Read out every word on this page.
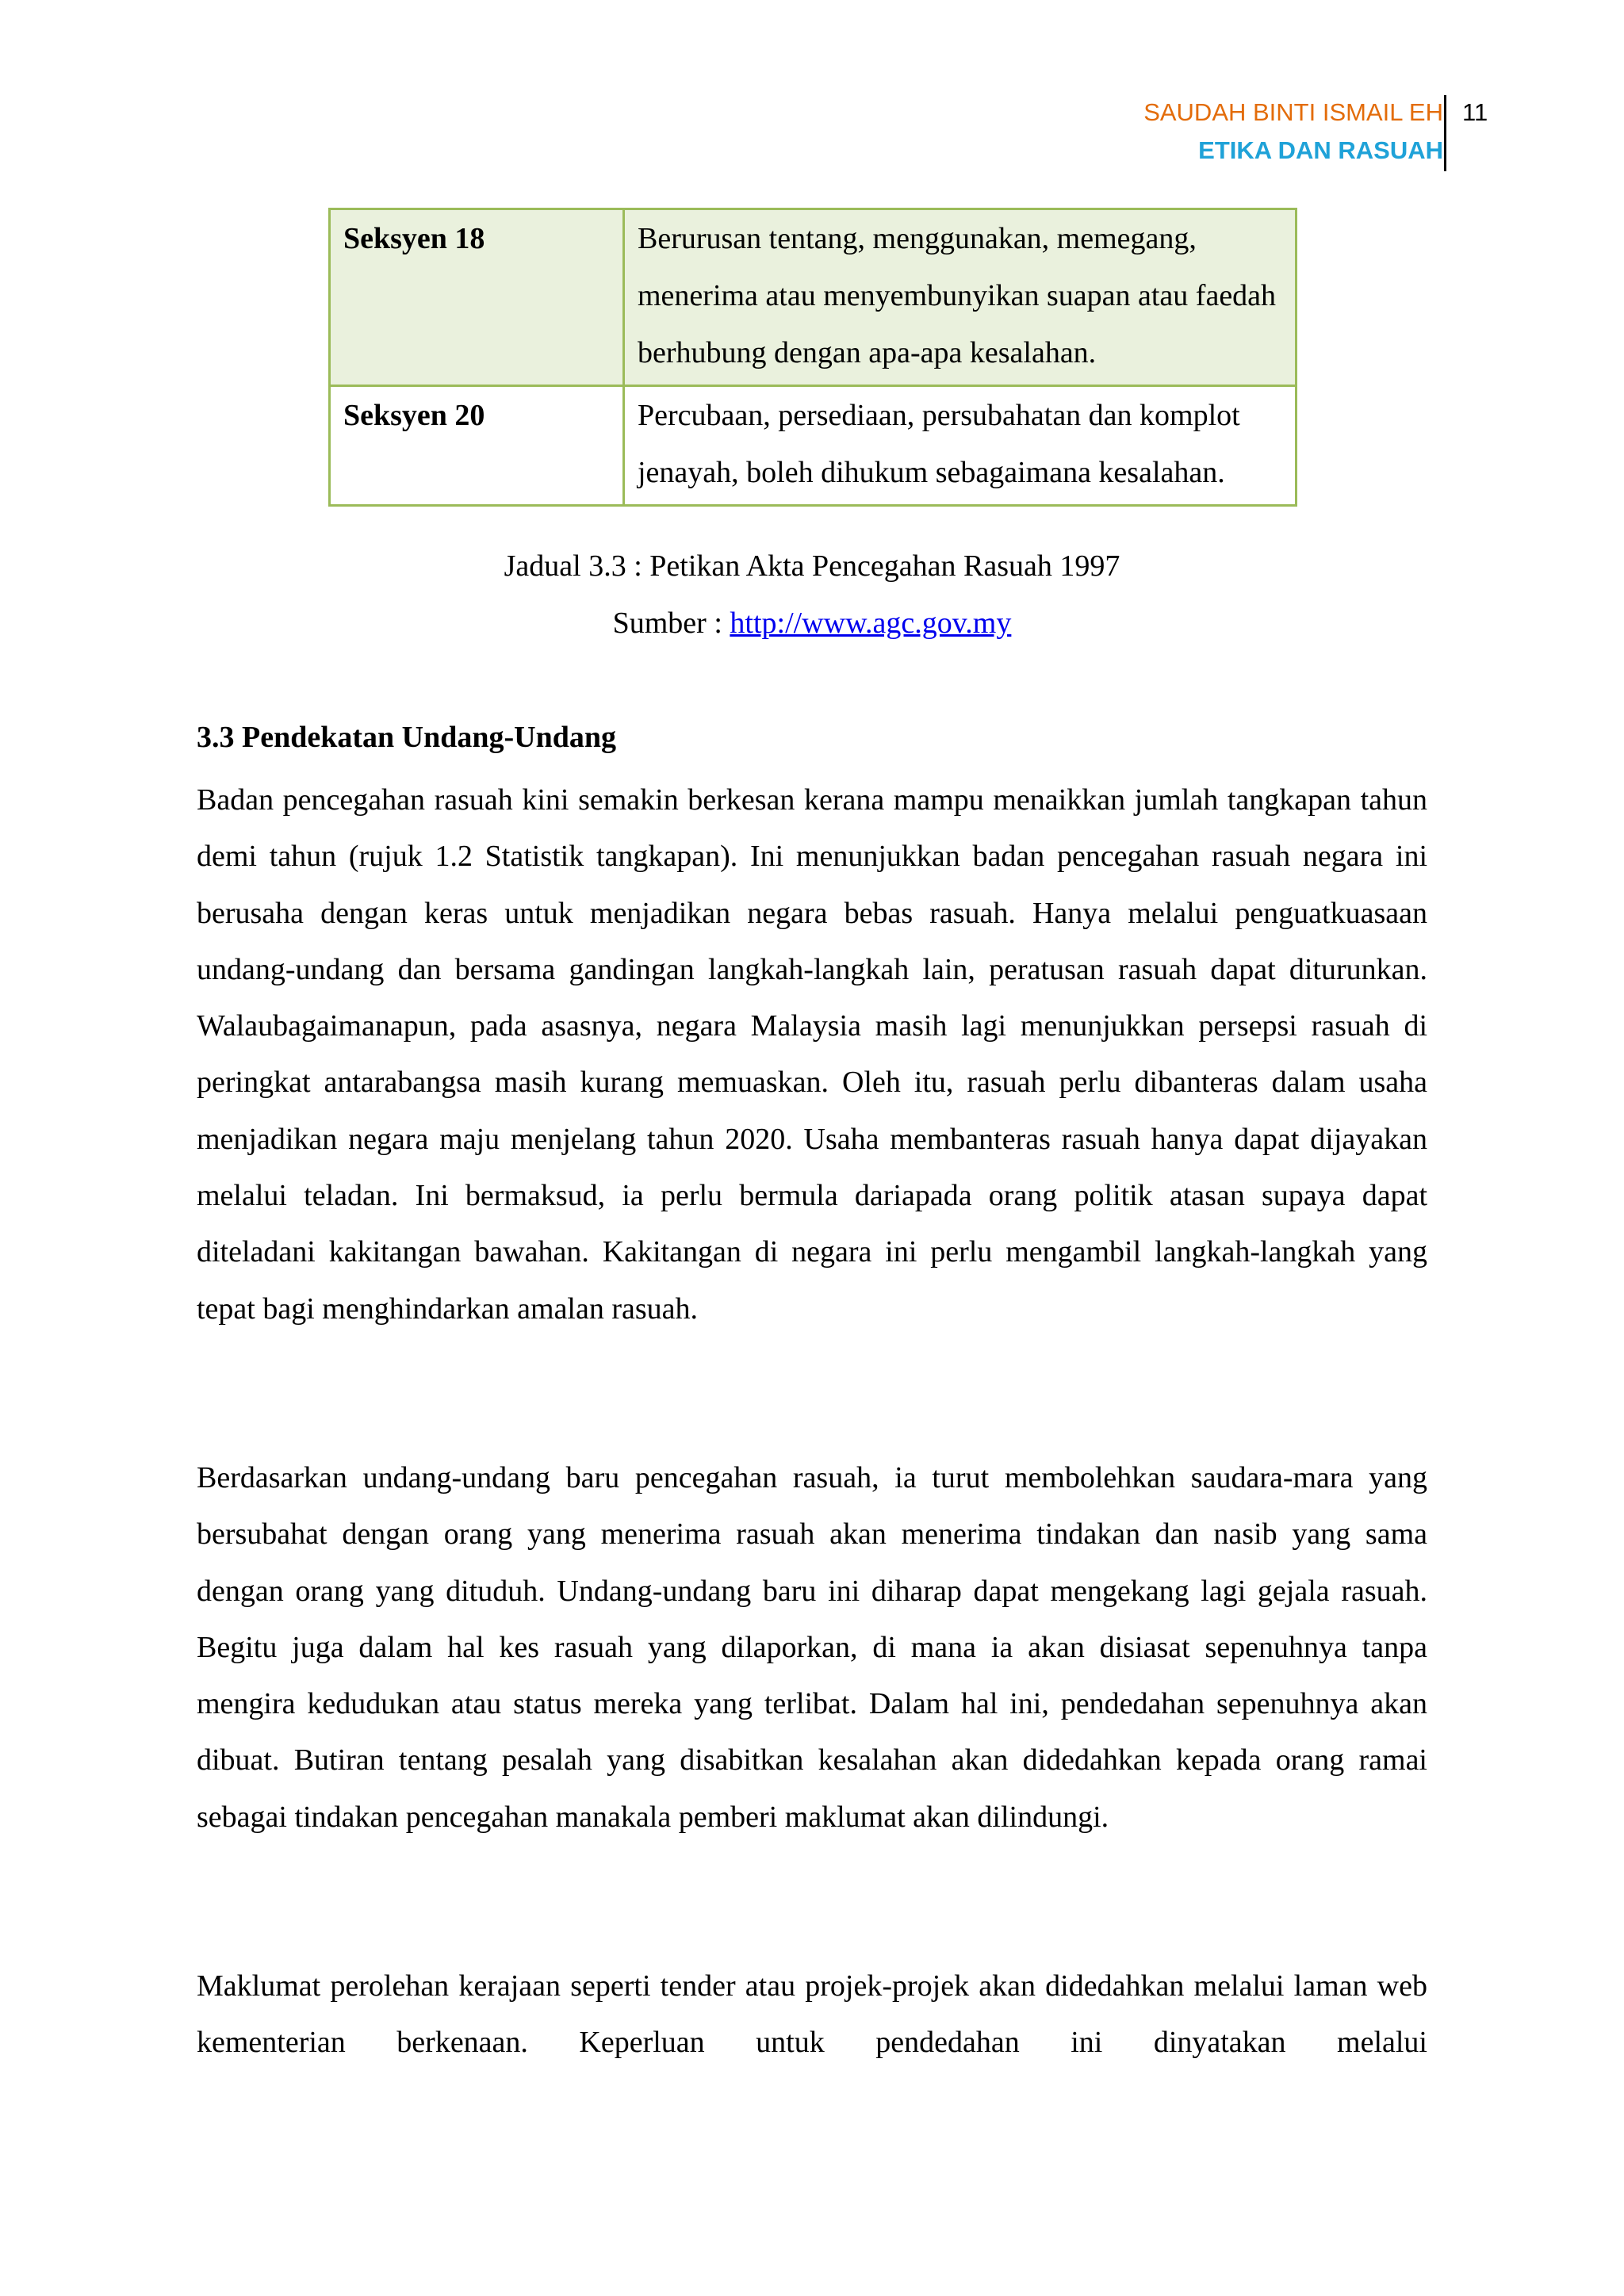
SAUDAH BINTI ISMAIL EH
ETIKA DAN RASUAH
11
Seksyen 18	Berurusan tentang, menggunakan, memegang, menerima atau menyembunyikan suapan atau faedah berhubung dengan apa-apa kesalahan.
Seksyen 20	Percubaan, persediaan, persubahatan dan komplot jenayah, boleh dihukum sebagaimana kesalahan.
Jadual 3.3 : Petikan Akta Pencegahan Rasuah 1997
Sumber : http://www.agc.gov.my
3.3 Pendekatan Undang-Undang

Badan pencegahan rasuah kini semakin berkesan kerana mampu menaikkan jumlah tangkapan tahun demi tahun (rujuk 1.2 Statistik tangkapan). Ini menunjukkan badan pencegahan rasuah negara ini berusaha dengan keras untuk menjadikan negara bebas rasuah. Hanya melalui penguatkuasaan undang-undang dan bersama gandingan langkah-langkah lain, peratusan rasuah dapat diturunkan. Walaubagaimanapun, pada asasnya, negara Malaysia masih lagi menunjukkan persepsi rasuah di peringkat antarabangsa masih kurang memuaskan. Oleh itu, rasuah perlu dibanteras dalam usaha menjadikan negara maju menjelang tahun 2020. Usaha membanteras rasuah hanya dapat dijayakan melalui teladan. Ini bermaksud, ia perlu bermula dariapada orang politik atasan supaya dapat diteladani kakitangan bawahan. Kakitangan di negara ini perlu mengambil langkah-langkah yang tepat bagi menghindarkan amalan rasuah.

Berdasarkan undang-undang baru pencegahan rasuah, ia turut membolehkan saudara-mara yang bersubahat dengan orang yang menerima rasuah akan menerima tindakan dan nasib yang sama dengan orang yang dituduh. Undang-undang baru ini diharap dapat mengekang lagi gejala rasuah. Begitu juga dalam hal kes rasuah yang dilaporkan, di mana ia akan disiasat sepenuhnya tanpa mengira kedudukan atau status mereka yang terlibat. Dalam hal ini, pendedahan sepenuhnya akan dibuat. Butiran tentang pesalah yang disabitkan kesalahan akan didedahkan kepada orang ramai sebagai tindakan pencegahan manakala pemberi maklumat akan dilindungi.

Maklumat perolehan kerajaan seperti tender atau projek-projek akan didedahkan melalui laman web kementerian berkenaan. Keperluan untuk pendedahan ini dinyatakan melalui
